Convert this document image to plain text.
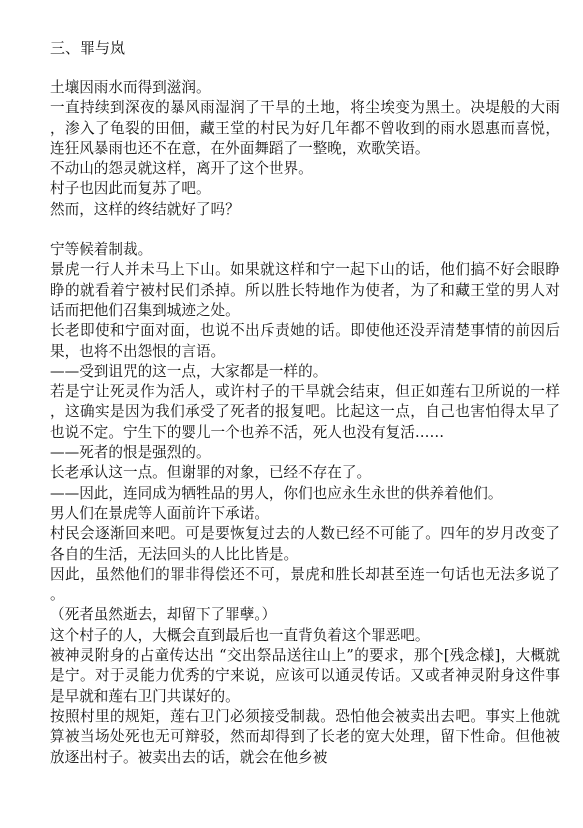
三、罪与岚

土壤因雨水而得到滋润。

一直持续到深夜的暴风雨湿润了干旱的土地，将尘埃变为黑土。决堤般的大雨，渗入了龟裂的田佃，藏王堂的村民为好几年都不曾收到的雨水恩惠而喜悦，连狂风暴雨也还不在意，在外面舞蹈了一整晚，欢歌笑语。

不动山的怨灵就这样，离开了这个世界。

村子也因此而复苏了吧。

然而，这样的终结就好了吗？

宁等候着制裁。

景虎一行人并未马上下山。如果就这样和宁一起下山的话，他们搞不好会眼睁睁的就看着宁被村民们杀掉。所以胜长特地作为使者，为了和藏王堂的男人对话而把他们召集到城迹之处。

长老即使和宁面对面，也说不出斥责她的话。即使他还没弄清楚事情的前因后果，也将不出怨恨的言语。

——受到诅咒的这一点，大家都是一样的。

若是宁让死灵作为活人，或许村子的干旱就会结束，但正如莲右卫所说的一样，这确实是因为我们承受了死者的报复吧。比起这一点，自己也害怕得太早了也说不定。宁生下的婴儿一个也养不活，死人也没有复活……

——死者的恨是强烈的。

长老承认这一点。但谢罪的对象，已经不存在了。

——因此，连同成为牺牲品的男人，你们也应永生永世的供养着他们。

男人们在景虎等人面前许下承诺。

村民会逐渐回来吧。可是要恢复过去的人数已经不可能了。四年的岁月改变了各自的生活，无法回头的人比比皆是。

因此，虽然他们的罪非得偿还不可，景虎和胜长却甚至连一句话也无法多说了。

（死者虽然逝去，却留下了罪孽。）

这个村子的人，大概会直到最后也一直背负着这个罪恶吧。

被神灵附身的占童传达出 “交出祭品送往山上”的要求，那个[残念様]，大概就是宁。对于灵能力优秀的宁来说，应该可以通灵传话。又或者神灵附身这件事是早就和莲右卫门共谋好的。

按照村里的规矩，莲右卫门必须接受制裁。恐怕他会被卖出去吧。事实上他就算被当场处死也无可辩驳，然而却得到了长老的宽大处理，留下性命。但他被放逐出村子。被卖出去的话，就会在他乡被
